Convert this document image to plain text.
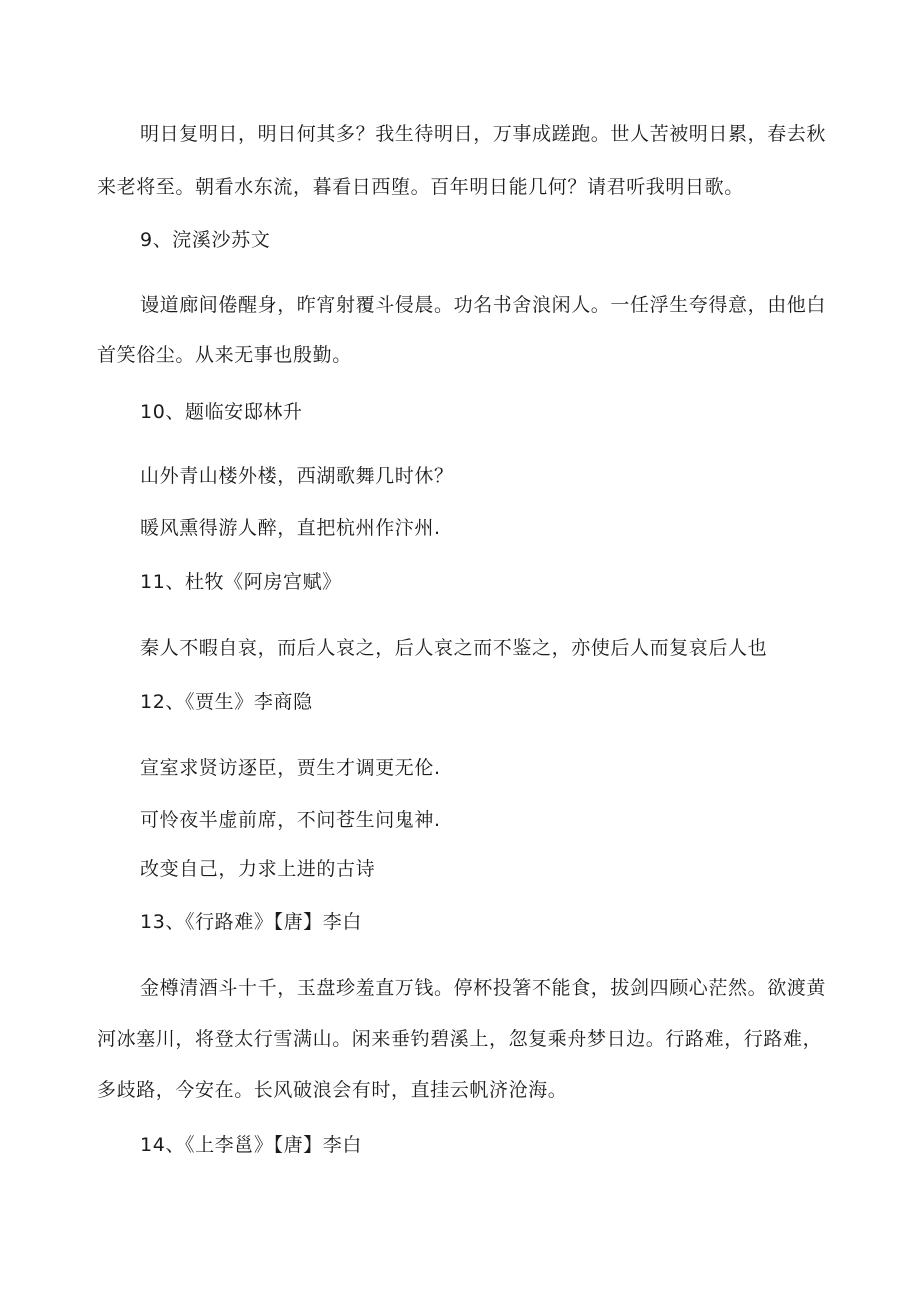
明日复明日，明日何其多？我生待明日，万事成蹉跑。世人苦被明日累，春去秋

来老将至。朝看水东流，暮看日西堕。百年明日能几何？请君听我明日歌。

9、浣溪沙苏文

谩道廊间倦醒身，昨宵射覆斗侵晨。功名书舍浪闲人。一任浮生夸得意，由他白

首笑俗尘。从来无事也殷勤。

10、题临安邸林升

山外青山楼外楼，西湖歌舞几时休？

暖风熏得游人醉，直把杭州作汴州.

11、杜牧《阿房宫赋》

秦人不暇自哀，而后人哀之，后人哀之而不鉴之，亦使后人而复哀后人也

12、《贾生》李商隐

宣室求贤访逐臣，贾生才调更无伦.

可怜夜半虚前席，不问苍生问鬼神.

改变自己，力求上进的古诗

13、《行路难》【唐】李白

金樽清酒斗十千，玉盘珍羞直万钱。停杯投箸不能食，拔剑四顾心茫然。欲渡黄

河冰塞川，将登太行雪满山。闲来垂钓碧溪上，忽复乘舟梦日边。行路难，行路难，

多歧路，今安在。长风破浪会有时，直挂云帆济沧海。

14、《上李邕》【唐】李白
